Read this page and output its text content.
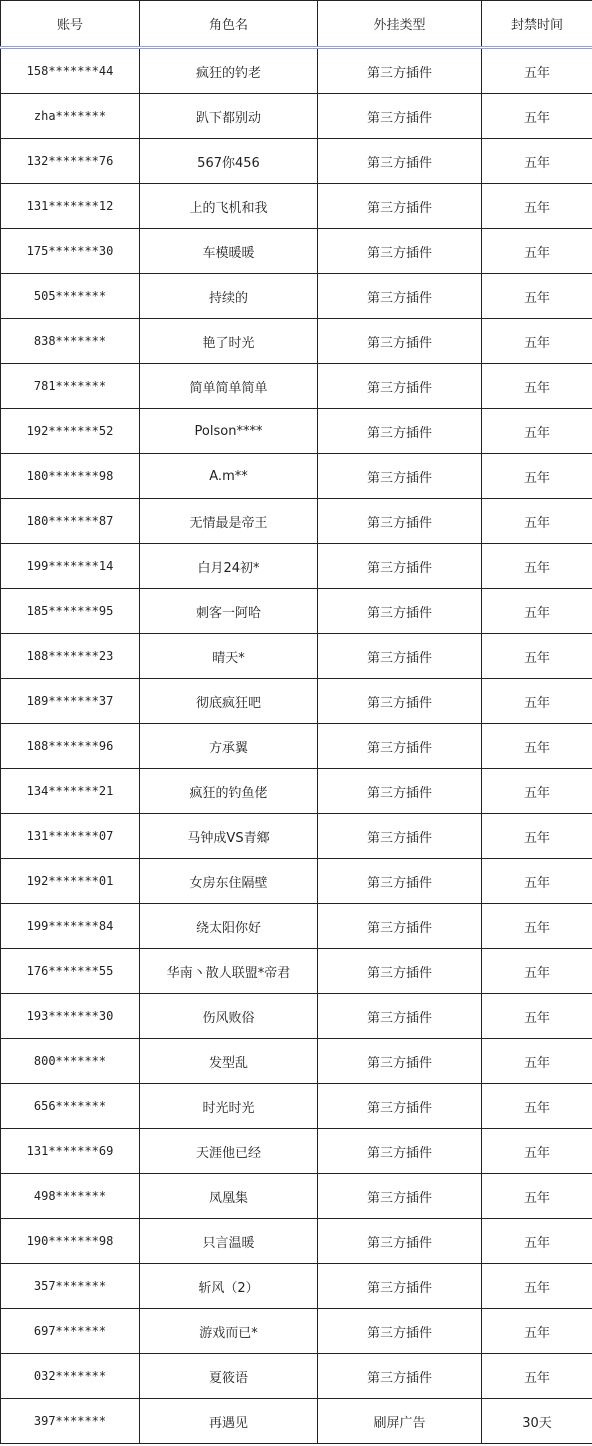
账号	角色名	外挂类型	封禁时间
158*******44	疯狂的钓老	第三方插件	五年
zha*******	趴下都别动	第三方插件	五年
132*******76	567你456	第三方插件	五年
131*******12	上的飞机和我	第三方插件	五年
175*******30	车模暖暖	第三方插件	五年
505*******	持续的	第三方插件	五年
838*******	艳了时光	第三方插件	五年
781*******	简单简单简单	第三方插件	五年
192*******52	Polson****	第三方插件	五年
180*******98	A.m**	第三方插件	五年
180*******87	无情最是帝王	第三方插件	五年
199*******14	白月24初*	第三方插件	五年
185*******95	刺客一阿哈	第三方插件	五年
188*******23	晴天*	第三方插件	五年
189*******37	彻底疯狂吧	第三方插件	五年
188*******96	方承翼	第三方插件	五年
134*******21	疯狂的钓鱼佬	第三方插件	五年
131*******07	马钟成VS青鄉	第三方插件	五年
192*******01	女房东住隔壁	第三方插件	五年
199*******84	绕太阳你好	第三方插件	五年
176*******55	华南丶散人联盟*帝君	第三方插件	五年
193*******30	伤风败俗	第三方插件	五年
800*******	发型乱	第三方插件	五年
656*******	时光时光	第三方插件	五年
131*******69	天涯他已经	第三方插件	五年
498*******	凤凰集	第三方插件	五年
190*******98	只言温暖	第三方插件	五年
357*******	斩风（2）	第三方插件	五年
697*******	游戏而已*	第三方插件	五年
032*******	夏筱语	第三方插件	五年
397*******	再遇见	刷屏广告	30天
